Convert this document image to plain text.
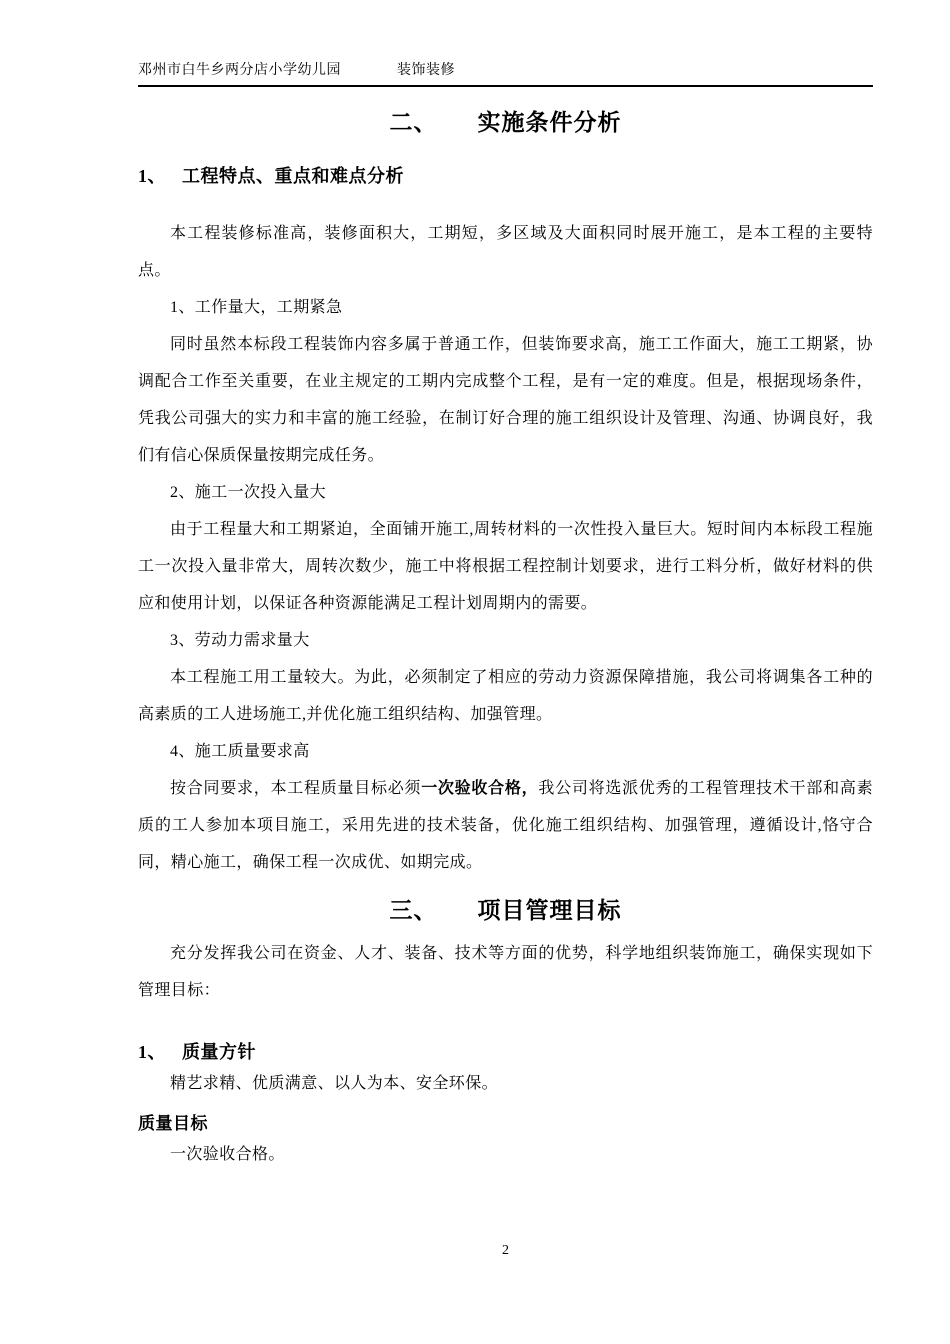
邓州市白牛乡两分店小学幼儿园	装饰装修
二、 实施条件分析
1、 工程特点、重点和难点分析

本工程装修标准高，装修面积大，工期短，多区域及大面积同时展开施工，是本工程的主要特点。

1、工作量大，工期紧急

同时虽然本标段工程装饰内容多属于普通工作，但装饰要求高，施工工作面大，施工工期紧，协调配合工作至关重要，在业主规定的工期内完成整个工程，是有一定的难度。但是，根据现场条件，凭我公司强大的实力和丰富的施工经验，在制订好合理的施工组织设计及管理、沟通、协调良好，我们有信心保质保量按期完成任务。

2、施工一次投入量大

由于工程量大和工期紧迫，全面铺开施工,周转材料的一次性投入量巨大。短时间内本标段工程施工一次投入量非常大，周转次数少，施工中将根据工程控制计划要求，进行工料分析，做好材料的供应和使用计划，以保证各种资源能满足工程计划周期内的需要。

3、劳动力需求量大

本工程施工用工量较大。为此，必须制定了相应的劳动力资源保障措施，我公司将调集各工种的高素质的工人进场施工,并优化施工组织结构、加强管理。

4、施工质量要求高

按合同要求，本工程质量目标必须一次验收合格，我公司将选派优秀的工程管理技术干部和高素质的工人参加本项目施工，采用先进的技术装备，优化施工组织结构、加强管理，遵循设计,恪守合同，精心施工，确保工程一次成优、如期完成。

三、 项目管理目标

充分发挥我公司在资金、人才、装备、技术等方面的优势，科学地组织装饰施工，确保实现如下管理目标：

1、 质量方针

精艺求精、优质满意、以人为本、安全环保。

质量目标

一次验收合格。

2
